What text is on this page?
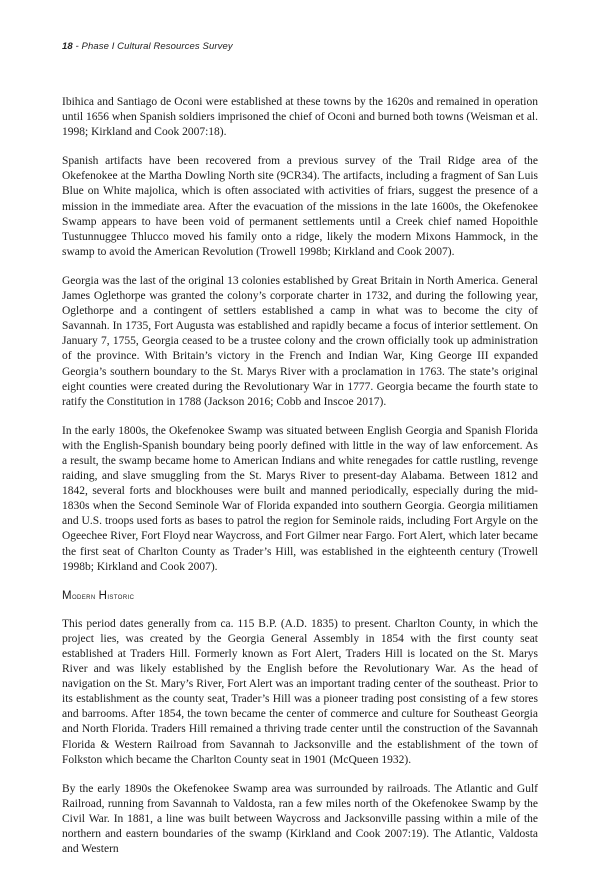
18 - Phase I Cultural Resources Survey

Ibihica and Santiago de Oconi were established at these towns by the 1620s and remained in operation until 1656 when Spanish soldiers imprisoned the chief of Oconi and burned both towns (Weisman et al. 1998; Kirkland and Cook 2007:18).

Spanish artifacts have been recovered from a previous survey of the Trail Ridge area of the Okefenokee at the Martha Dowling North site (9CR34). The artifacts, including a fragment of San Luis Blue on White majolica, which is often associated with activities of friars, suggest the presence of a mission in the immediate area. After the evacuation of the missions in the late 1600s, the Okefenokee Swamp appears to have been void of permanent settlements until a Creek chief named Hopoithle Tustunnuggee Thlucco moved his family onto a ridge, likely the modern Mixons Hammock, in the swamp to avoid the American Revolution (Trowell 1998b; Kirkland and Cook 2007).

Georgia was the last of the original 13 colonies established by Great Britain in North America. General James Oglethorpe was granted the colony’s corporate charter in 1732, and during the following year, Oglethorpe and a contingent of settlers established a camp in what was to become the city of Savannah. In 1735, Fort Augusta was established and rapidly became a focus of interior settlement. On January 7, 1755, Georgia ceased to be a trustee colony and the crown officially took up administration of the province. With Britain’s victory in the French and Indian War, King George III expanded Georgia’s southern boundary to the St. Marys River with a proclamation in 1763. The state’s original eight counties were created during the Revolutionary War in 1777. Georgia became the fourth state to ratify the Constitution in 1788 (Jackson 2016; Cobb and Inscoe 2017).

In the early 1800s, the Okefenokee Swamp was situated between English Georgia and Spanish Florida with the English-Spanish boundary being poorly defined with little in the way of law enforcement. As a result, the swamp became home to American Indians and white renegades for cattle rustling, revenge raiding, and slave smuggling from the St. Marys River to present-day Alabama. Between 1812 and 1842, several forts and blockhouses were built and manned periodically, especially during the mid-1830s when the Second Seminole War of Florida expanded into southern Georgia. Georgia militiamen and U.S. troops used forts as bases to patrol the region for Seminole raids, including Fort Argyle on the Ogeechee River, Fort Floyd near Waycross, and Fort Gilmer near Fargo. Fort Alert, which later became the first seat of Charlton County as Trader’s Hill, was established in the eighteenth century (Trowell 1998b; Kirkland and Cook 2007).

Modern Historic

This period dates generally from ca. 115 B.P. (A.D. 1835) to present. Charlton County, in which the project lies, was created by the Georgia General Assembly in 1854 with the first county seat established at Traders Hill. Formerly known as Fort Alert, Traders Hill is located on the St. Marys River and was likely established by the English before the Revolutionary War. As the head of navigation on the St. Mary’s River, Fort Alert was an important trading center of the southeast. Prior to its establishment as the county seat, Trader’s Hill was a pioneer trading post consisting of a few stores and barrooms. After 1854, the town became the center of commerce and culture for Southeast Georgia and North Florida. Traders Hill remained a thriving trade center until the construction of the Savannah Florida & Western Railroad from Savannah to Jacksonville and the establishment of the town of Folkston which became the Charlton County seat in 1901 (McQueen 1932).

By the early 1890s the Okefenokee Swamp area was surrounded by railroads. The Atlantic and Gulf Railroad, running from Savannah to Valdosta, ran a few miles north of the Okefenokee Swamp by the Civil War. In 1881, a line was built between Waycross and Jacksonville passing within a mile of the northern and eastern boundaries of the swamp (Kirkland and Cook 2007:19). The Atlantic, Valdosta and Western
